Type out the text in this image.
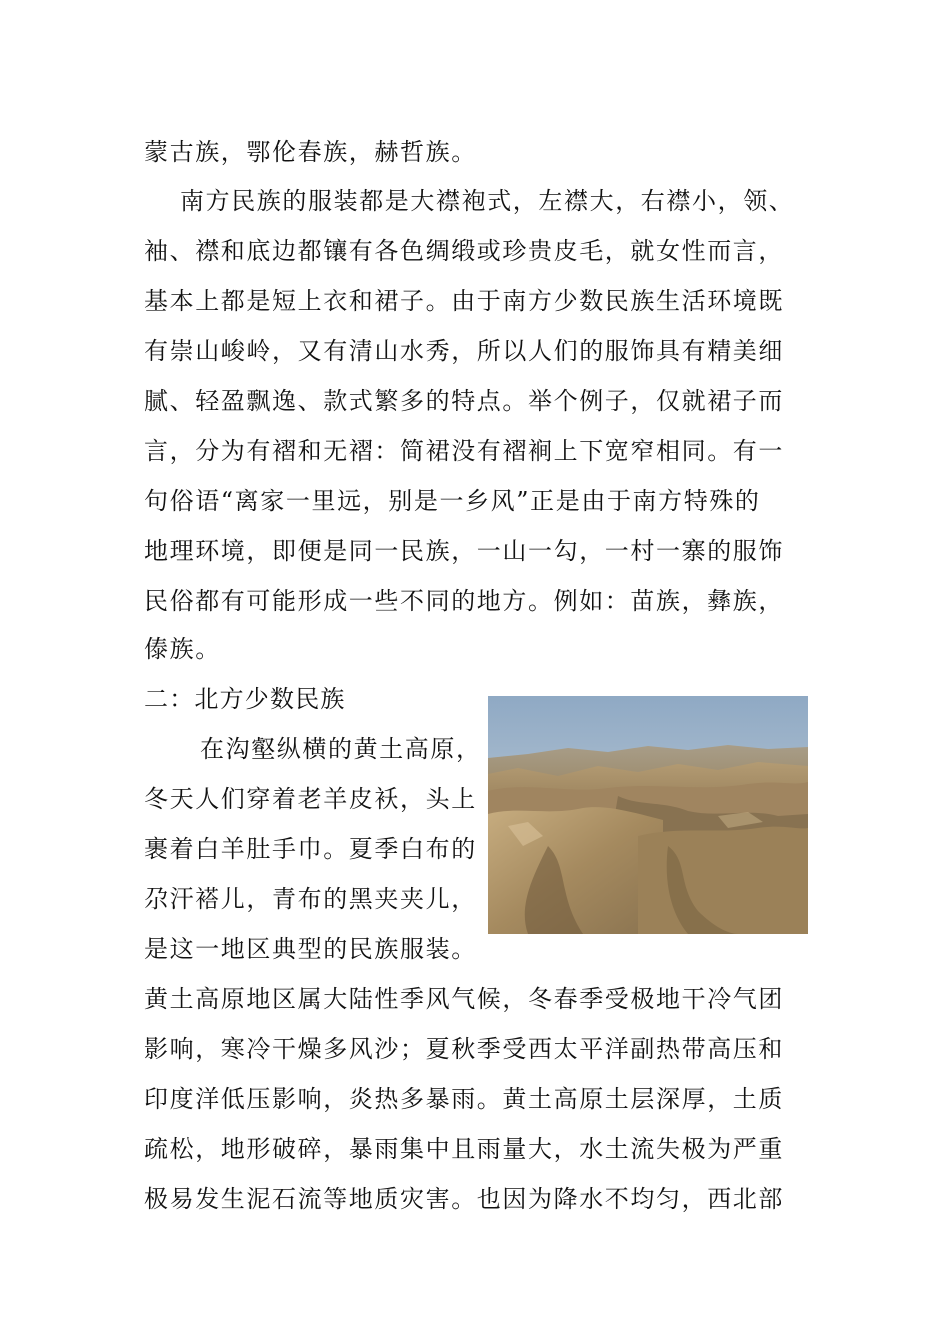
蒙古族，鄂伦春族，赫哲族。
南方民族的服装都是大襟袍式，左襟大，右襟小，领、
袖、襟和底边都镶有各色绸缎或珍贵皮毛，就女性而言，
基本上都是短上衣和裙子。由于南方少数民族生活环境既
有崇山峻岭，又有清山水秀，所以人们的服饰具有精美细
腻、轻盈飘逸、款式繁多的特点。举个例子，仅就裙子而
言，分为有褶和无褶：简裙没有褶裥上下宽窄相同。有一
句俗语“离家一里远，别是一乡风”正是由于南方特殊的
地理环境，即便是同一民族，一山一勾，一村一寨的服饰
民俗都有可能形成一些不同的地方。例如：苗族，彝族，
傣族。
二：北方少数民族
在沟壑纵横的黄土高原，
冬天人们穿着老羊皮袄，头上
裹着白羊肚手巾。夏季白布的
尕汗褡儿，青布的黑夹夹儿，
是这一地区典型的民族服装。
黄土高原地区属大陆性季风气候，冬春季受极地干冷气团
影响，寒冷干燥多风沙；夏秋季受西太平洋副热带高压和
印度洋低压影响，炎热多暴雨。黄土高原土层深厚，土质
疏松，地形破碎，暴雨集中且雨量大，水土流失极为严重
极易发生泥石流等地质灾害。也因为降水不均匀，西北部
